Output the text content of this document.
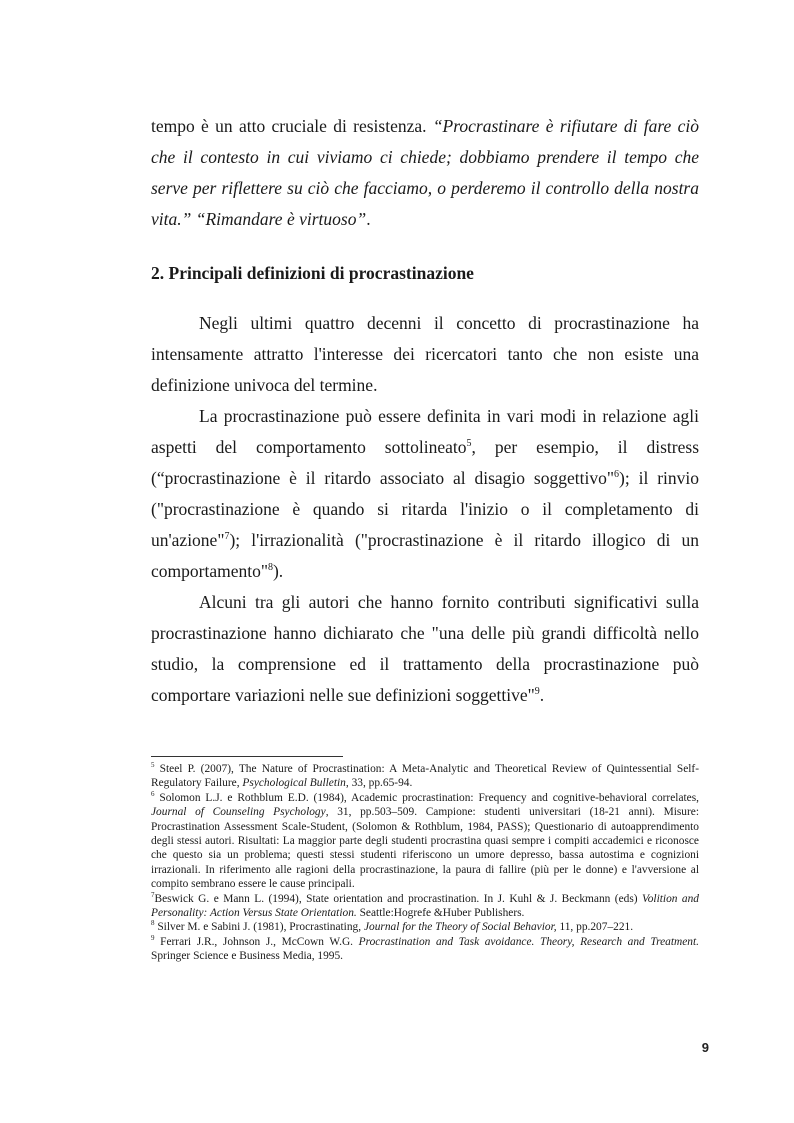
tempo è un atto cruciale di resistenza. “Procrastinare è rifiutare di fare ciò che il contesto in cui viviamo ci chiede; dobbiamo prendere il tempo che serve per riflettere su ciò che facciamo, o perderemo il controllo della nostra vita.” “Rimandare è virtuoso”.

2. Principali definizioni di procrastinazione

Negli ultimi quattro decenni il concetto di procrastinazione ha intensamente attratto l'interesse dei ricercatori tanto che non esiste una definizione univoca del termine.

La procrastinazione può essere definita in vari modi in relazione agli aspetti del comportamento sottolineato$^5$, per esempio, il distress (“procrastinazione è il ritardo associato al disagio soggettivo"$^6$); il rinvio ("procrastinazione è quando si ritarda l'inizio o il completamento di un'azione"$^7$); l'irrazionalità ("procrastinazione è il ritardo illogico di un comportamento"$^8$).

Alcuni tra gli autori che hanno fornito contributi significativi sulla procrastinazione hanno dichiarato che "una delle più grandi difficoltà nello studio, la comprensione ed il trattamento della procrastinazione può comportare variazioni nelle sue definizioni soggettive"$^9$.

$^5$ Steel P. (2007), The Nature of Procrastination: A Meta-Analytic and Theoretical Review of Quintessential Self-Regulatory Failure, Psychological Bulletin, 33, pp.65-94.

$^6$ Solomon L.J. e Rothblum E.D. (1984), Academic procrastination: Frequency and cognitive-behavioral correlates, Journal of Counseling Psychology, 31, pp.503–509. Campione: studenti universitari (18-21 anni). Misure: Procrastination Assessment Scale-Student, (Solomon & Rothblum, 1984, PASS); Questionario di autoapprendimento degli stessi autori. Risultati: La maggior parte degli studenti procrastina quasi sempre i compiti accademici e riconosce che questo sia un problema; questi stessi studenti riferiscono un umore depresso, bassa autostima e cognizioni irrazionali. In riferimento alle ragioni della procrastinazione, la paura di fallire (più per le donne) e l'avversione al compito sembrano essere le cause principali.

$^7$Beswick G. e Mann L. (1994), State orientation and procrastination. In J. Kuhl & J. Beckmann (eds) Volition and Personality: Action Versus State Orientation. Seattle:Hogrefe &Huber Publishers.

$^8$ Silver M. e Sabini J. (1981), Procrastinating, Journal for the Theory of Social Behavior, 11, pp.207–221.

$^9$ Ferrari J.R., Johnson J., McCown W.G. Procrastination and Task avoidance. Theory, Research and Treatment. Springer Science e Business Media, 1995.

9
